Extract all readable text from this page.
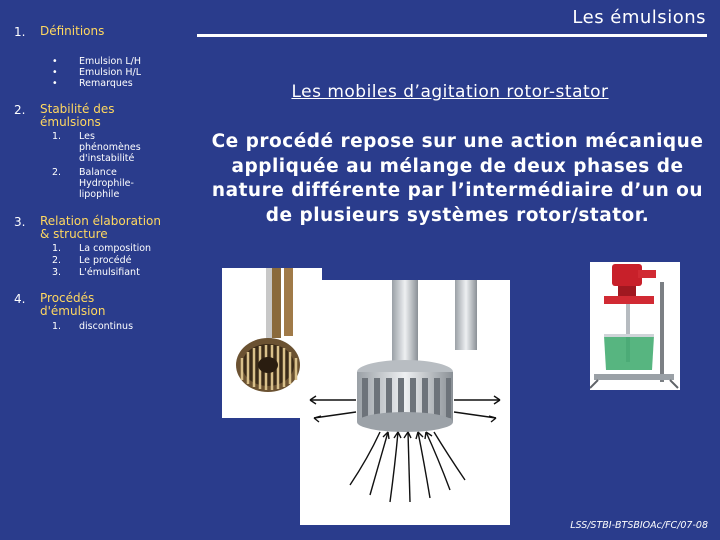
1. Définitions
• Emulsion L/H
• Emulsion H/L
• Remarques
2. Stabilité des émulsions
1. Les phénomènes d'instabilité
2. Balance Hydrophile-lipophile
3. Relation élaboration & structure
1. La composition
2. Le procédé
3. L'émulsifiant
4. Procédés d'émulsion
1. discontinus
Les émulsions
Les mobiles d’agitation rotor-stator
Ce procédé repose sur une action mécanique appliquée au mélange de deux phases de nature différente par l’intermédiaire d’un ou de plusieurs systèmes rotor/stator.
LSS/STBI-BTSBIOAc/FC/07-08
